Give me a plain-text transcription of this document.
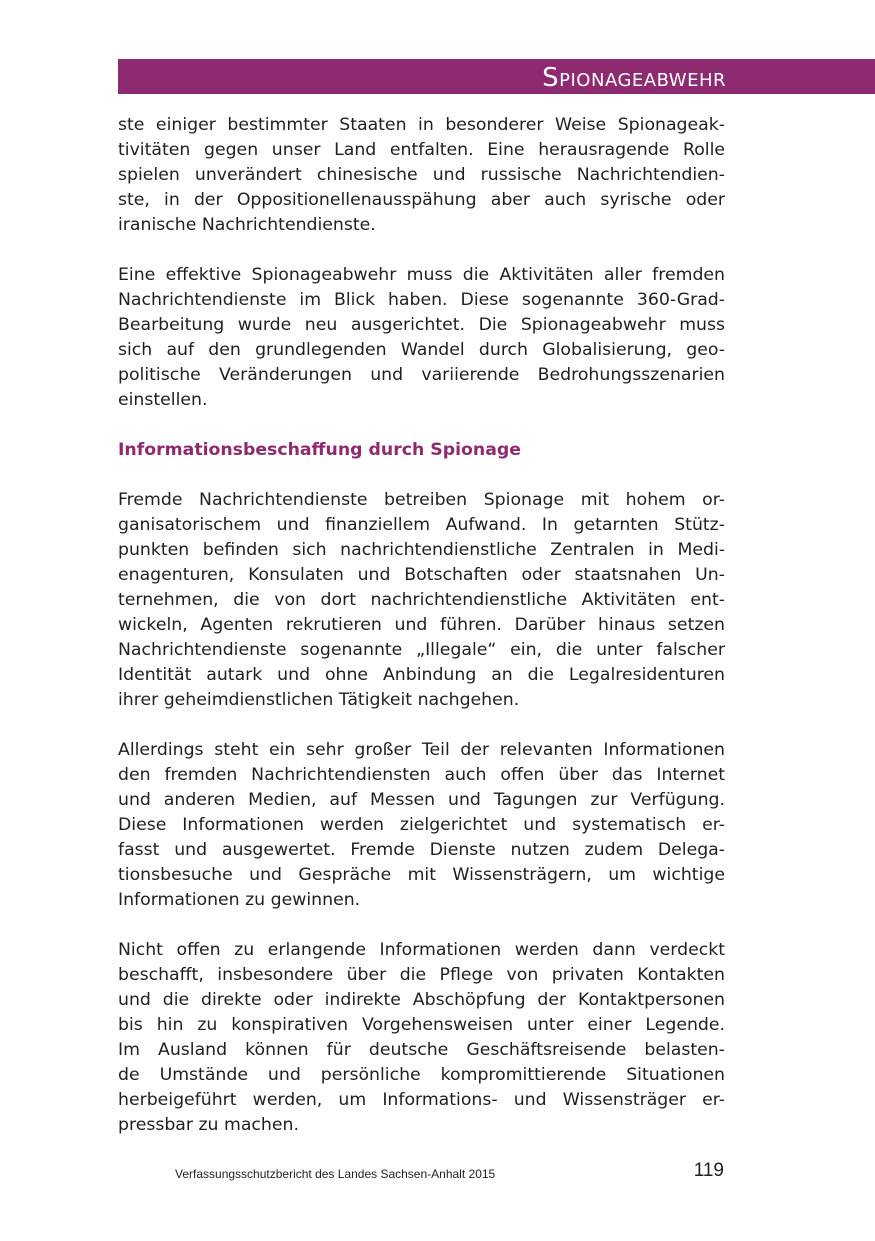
Spionageabwehr

ste einiger bestimmter Staaten in besonderer Weise Spionageak-
tivitäten gegen unser Land entfalten. Eine herausragende Rolle
spielen unverändert chinesische und russische Nachrichtendien-
ste, in der Oppositionellenausspähung aber auch syrische oder
iranische Nachrichtendienste.

Eine effektive Spionageabwehr muss die Aktivitäten aller fremden
Nachrichtendienste im Blick haben. Diese sogenannte 360-Grad-
Bearbeitung wurde neu ausgerichtet. Die Spionageabwehr muss
sich auf den grundlegenden Wandel durch Globalisierung, geo-
politische Veränderungen und variierende Bedrohungsszenarien
einstellen.

Informationsbeschaffung durch Spionage

Fremde Nachrichtendienste betreiben Spionage mit hohem or-
ganisatorischem und finanziellem Aufwand. In getarnten Stütz-
punkten befinden sich nachrichtendienstliche Zentralen in Medi-
enagenturen, Konsulaten und Botschaften oder staatsnahen Un-
ternehmen, die von dort nachrichtendienstliche Aktivitäten ent-
wickeln, Agenten rekrutieren und führen. Darüber hinaus setzen
Nachrichtendienste sogenannte „Illegale“ ein, die unter falscher
Identität autark und ohne Anbindung an die Legalresidenturen
ihrer geheimdienstlichen Tätigkeit nachgehen.

Allerdings steht ein sehr großer Teil der relevanten Informationen
den fremden Nachrichtendiensten auch offen über das Internet
und anderen Medien, auf Messen und Tagungen zur Verfügung.
Diese Informationen werden zielgerichtet und systematisch er-
fasst und ausgewertet. Fremde Dienste nutzen zudem Delega-
tionsbesuche und Gespräche mit Wissensträgern, um wichtige
Informationen zu gewinnen.

Nicht offen zu erlangende Informationen werden dann verdeckt
beschafft, insbesondere über die Pflege von privaten Kontakten
und die direkte oder indirekte Abschöpfung der Kontaktpersonen
bis hin zu konspirativen Vorgehensweisen unter einer Legende.
Im Ausland können für deutsche Geschäftsreisende belasten-
de Umstände und persönliche kompromittierende Situationen
herbeigeführt werden, um Informations- und Wissensträger er-
pressbar zu machen.

Verfassungsschutzbericht des Landes Sachsen-Anhalt 2015	119
